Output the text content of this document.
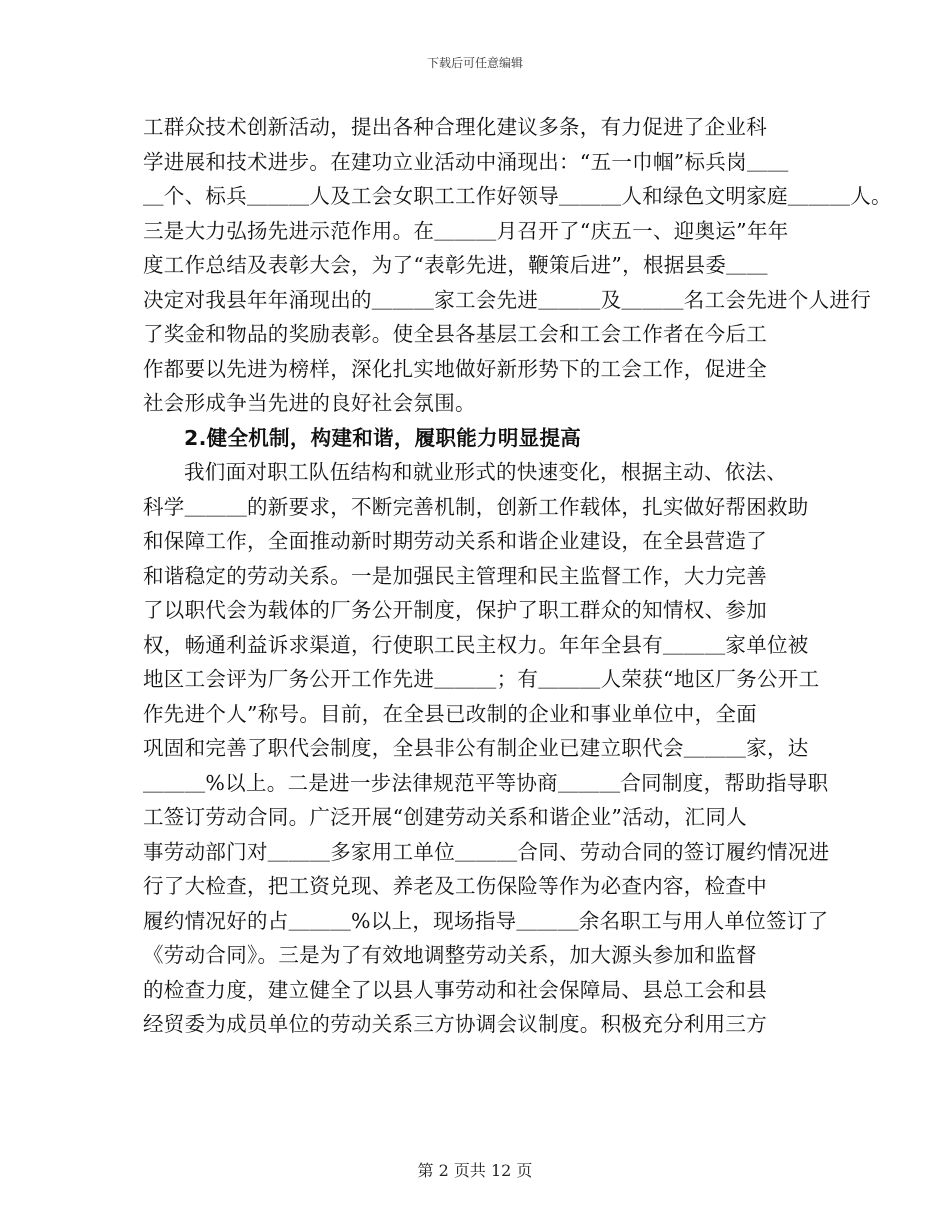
下载后可任意编辑
工群众技术创新活动，提出各种合理化建议多条，有力促进了企业科
学进展和技术进步。在建功立业活动中涌现出：“五一巾帼”标兵岗＿＿
＿个、标兵＿＿＿人及工会女职工工作好领导＿＿＿人和绿色文明家庭＿＿＿人。
三是大力弘扬先进示范作用。在＿＿＿月召开了“庆五一、迎奥运”年年
度工作总结及表彰大会，为了“表彰先进，鞭策后进”，根据县委＿＿
决定对我县年年涌现出的＿＿＿家工会先进＿＿＿及＿＿＿名工会先进个人进行
了奖金和物品的奖励表彰。使全县各基层工会和工会工作者在今后工
作都要以先进为榜样，深化扎实地做好新形势下的工会工作，促进全
社会形成争当先进的良好社会氛围。
2.健全机制，构建和谐，履职能力明显提高
我们面对职工队伍结构和就业形式的快速变化，根据主动、依法、
科学＿＿＿的新要求，不断完善机制，创新工作载体，扎实做好帮困救助
和保障工作，全面推动新时期劳动关系和谐企业建设，在全县营造了
和谐稳定的劳动关系。一是加强民主管理和民主监督工作，大力完善
了以职代会为载体的厂务公开制度，保护了职工群众的知情权、参加
权，畅通利益诉求渠道，行使职工民主权力。年年全县有＿＿＿家单位被
地区工会评为厂务公开工作先进＿＿＿；有＿＿＿人荣获“地区厂务公开工
作先进个人”称号。目前，在全县已改制的企业和事业单位中，全面
巩固和完善了职代会制度，全县非公有制企业已建立职代会＿＿＿家，达
＿＿＿%以上。二是进一步法律规范平等协商＿＿＿合同制度，帮助指导职
工签订劳动合同。广泛开展“创建劳动关系和谐企业”活动，汇同人
事劳动部门对＿＿＿多家用工单位＿＿＿合同、劳动合同的签订履约情况进
行了大检查，把工资兑现、养老及工伤保险等作为必查内容，检查中
履约情况好的占＿＿＿%以上，现场指导＿＿＿余名职工与用人单位签订了
《劳动合同》。三是为了有效地调整劳动关系，加大源头参加和监督
的检查力度，建立健全了以县人事劳动和社会保障局、县总工会和县
经贸委为成员单位的劳动关系三方协调会议制度。积极充分利用三方
第 2 页共 12 页
